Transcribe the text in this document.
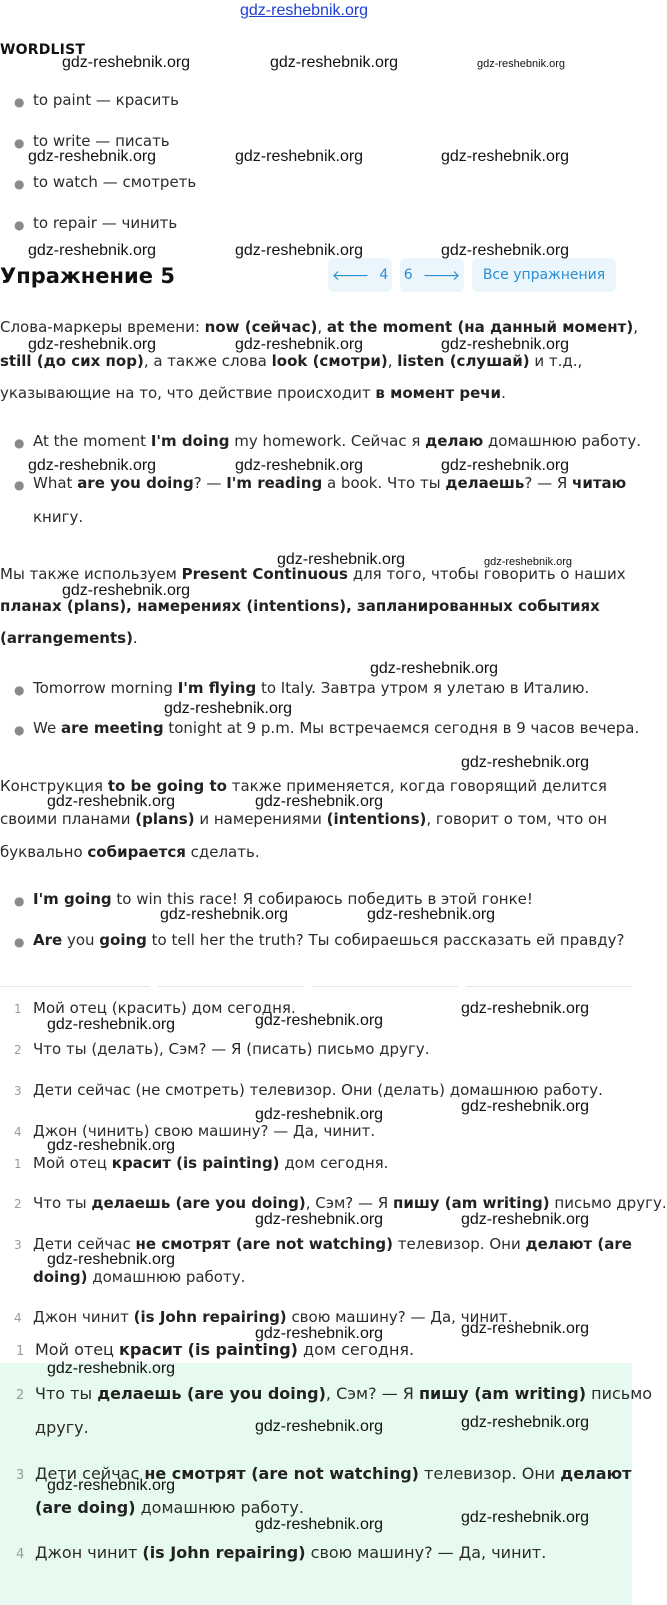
gdz-reshebnik.org
WORDLIST
● to paint — красить
● to write — писать
● to watch — смотреть
● to repair — чинить
Упражнение 5	🡐 4 6 🡒	Все упражнения
Слова-маркеры времени: now (сейчас), at the moment (на данный момент),
still (до сих пор), а также слова look (смотри), listen (слушай) и т.д.,
указывающие на то, что действие происходит в момент речи.
● At the moment I'm doing my homework. Сейчас я делаю домашнюю работу.
● What are you doing? — I'm reading a book. Что ты делаешь? — Я читаю
книгу.
Мы также используем Present Continuous для того, чтобы говорить о наших
планах (plans), намерениях (intentions), запланированных событиях
(arrangements).
● Tomorrow morning I'm flying to Italy. Завтра утром я улетаю в Италию.
● We are meeting tonight at 9 p.m. Мы встречаемся сегодня в 9 часов вечера.
Конструкция to be going to также применяется, когда говорящий делится
своими планами (plans) и намерениями (intentions), говорит о том, что он
буквально собирается сделать.
● I'm going to win this race! Я собираюсь победить в этой гонке!
● Are you going to tell her the truth? Ты собираешься рассказать ей правду?
1 Мой отец (красить) дом сегодня.
2 Что ты (делать), Сэм? — Я (писать) письмо другу.
3 Дети сейчас (не смотреть) телевизор. Они (делать) домашнюю работу.
4 Джон (чинить) свою машину? — Да, чинит.
1 Мой отец красит (is painting) дом сегодня.
2 Что ты делаешь (are you doing), Сэм? — Я пишу (am writing) письмо другу.
3 Дети сейчас не смотрят (are not watching) телевизор. Они делают (are
doing) домашнюю работу.
4 Джон чинит (is John repairing) свою машину? — Да, чинит.
1 Мой отец красит (is painting) дом сегодня.
2 Что ты делаешь (are you doing), Сэм? — Я пишу (am writing) письмо
другу.
3 Дети сейчас не смотрят (are not watching) телевизор. Они делают
(are doing) домашнюю работу.
4 Джон чинит (is John repairing) свою машину? — Да, чинит.
gdz-reshebnik.org	gdz-reshebnik.org	gdz-reshebnik.org
gdz-reshebnik.org	gdz-reshebnik.org	gdz-reshebnik.org
gdz-reshebnik.org	gdz-reshebnik.org	gdz-reshebnik.org
gdz-reshebnik.org	gdz-reshebnik.org	gdz-reshebnik.org
gdz-reshebnik.org	gdz-reshebnik.org	gdz-reshebnik.org
gdz-reshebnik.org	gdz-reshebnik.org
gdz-reshebnik.org
gdz-reshebnik.org
gdz-reshebnik.org
gdz-reshebnik.org
gdz-reshebnik.org	gdz-reshebnik.org
gdz-reshebnik.org	gdz-reshebnik.org
gdz-reshebnik.org
gdz-reshebnik.org	gdz-reshebnik.org
gdz-reshebnik.org
gdz-reshebnik.org
gdz-reshebnik.org
gdz-reshebnik.org	gdz-reshebnik.org
gdz-reshebnik.org
gdz-reshebnik.org
gdz-reshebnik.org
gdz-reshebnik.org
gdz-reshebnik.org
gdz-reshebnik.org
gdz-reshebnik.org
gdz-reshebnik.org
gdz-reshebnik.org
